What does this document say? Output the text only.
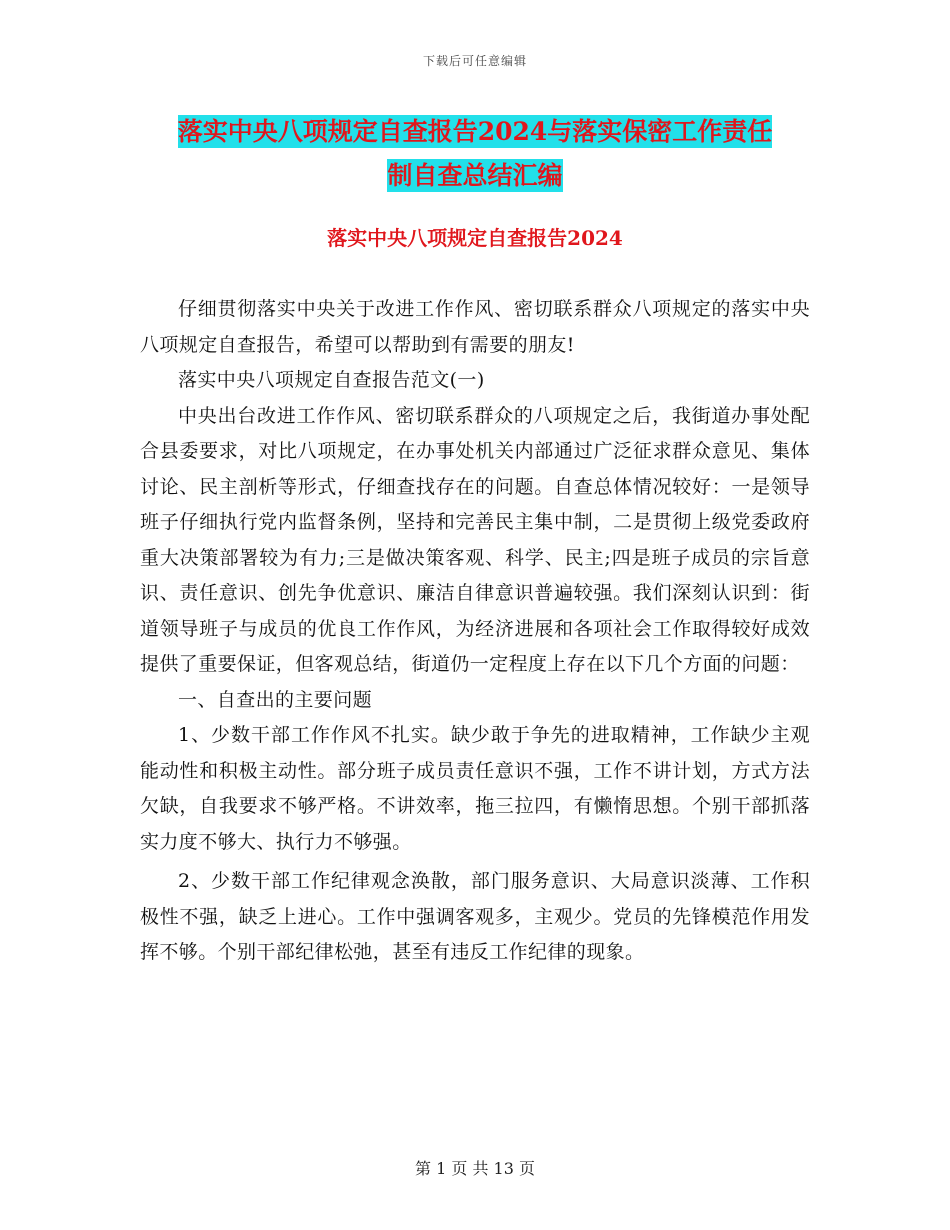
下载后可任意编辑
落实中央八项规定自查报告2024与落实保密工作责任
制自查总结汇编
落实中央八项规定自查报告2024

仔细贯彻落实中央关于改进工作作风、密切联系群众八项规定的落实中央八项规定自查报告，希望可以帮助到有需要的朋友!

落实中央八项规定自查报告范文(一)

中央出台改进工作作风、密切联系群众的八项规定之后，我街道办事处配合县委要求，对比八项规定，在办事处机关内部通过广泛征求群众意见、集体讨论、民主剖析等形式，仔细查找存在的问题。自查总体情况较好：一是领导班子仔细执行党内监督条例，坚持和完善民主集中制，二是贯彻上级党委政府重大决策部署较为有力;三是做决策客观、科学、民主;四是班子成员的宗旨意识、责任意识、创先争优意识、廉洁自律意识普遍较强。我们深刻认识到：街道领导班子与成员的优良工作作风，为经济进展和各项社会工作取得较好成效提供了重要保证，但客观总结，街道仍一定程度上存在以下几个方面的问题：

一、自查出的主要问题

1、少数干部工作作风不扎实。缺少敢于争先的进取精神，工作缺少主观能动性和积极主动性。部分班子成员责任意识不强，工作不讲计划，方式方法欠缺，自我要求不够严格。不讲效率，拖三拉四，有懒惰思想。个别干部抓落实力度不够大、执行力不够强。

2、少数干部工作纪律观念涣散，部门服务意识、大局意识淡薄、工作积极性不强，缺乏上进心。工作中强调客观多，主观少。党员的先锋模范作用发挥不够。个别干部纪律松弛，甚至有违反工作纪律的现象。

第 1 页 共 13 页
